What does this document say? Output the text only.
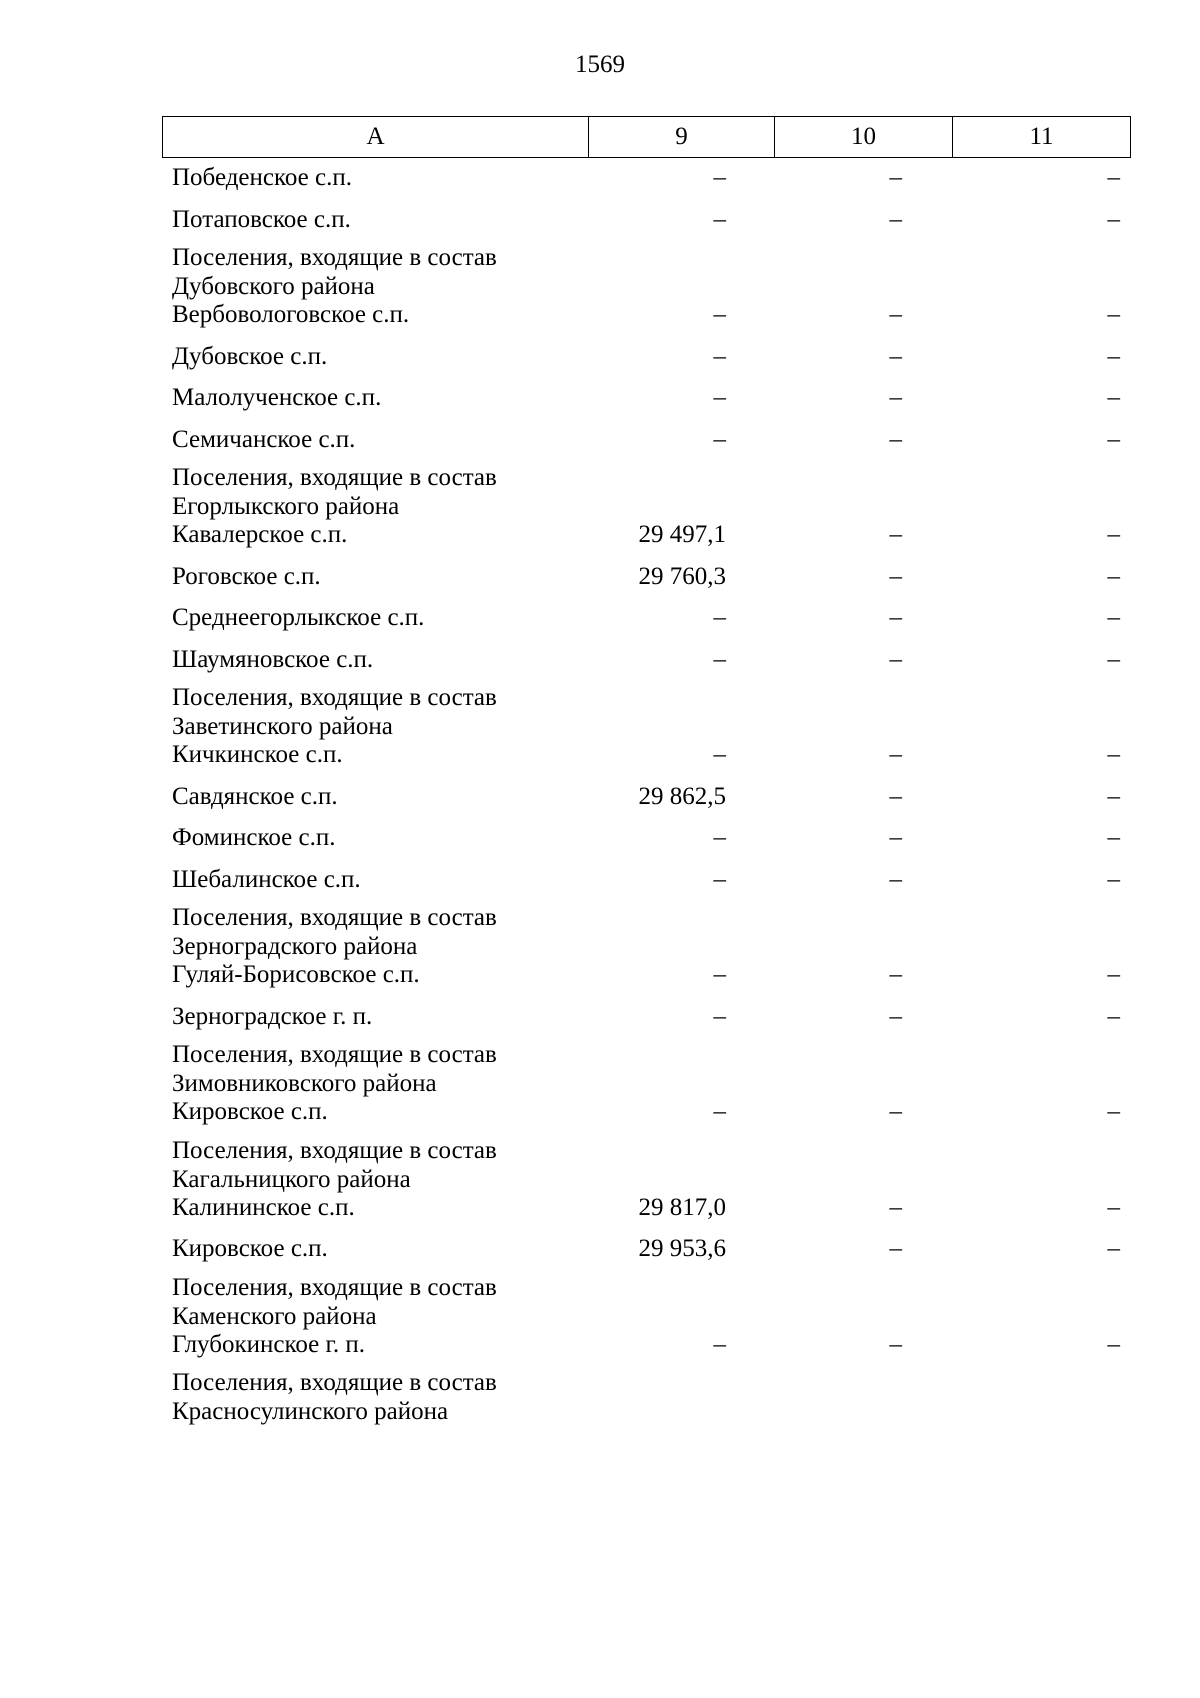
1569
А	9	10	11
Победенское с.п.	–	–	–
Потаповское с.п.	–	–	–
Поселения, входящие в состав
Дубовского района
Вербовологовское с.п.	–	–	–
Дубовское с.п.	–	–	–
Малолученское с.п.	–	–	–
Семичанское с.п.	–	–	–
Поселения, входящие в состав
Егорлыкского района
Кавалерское с.п.	29 497,1	–	–
Роговское с.п.	29 760,3	–	–
Среднеегорлыкское с.п.	–	–	–
Шаумяновское с.п.	–	–	–
Поселения, входящие в состав
Заветинского района
Кичкинское с.п.	–	–	–
Савдянское с.п.	29 862,5	–	–
Фоминское с.п.	–	–	–
Шебалинское с.п.	–	–	–
Поселения, входящие в состав
Зерноградского района
Гуляй-Борисовское с.п.	–	–	–
Зерноградское г. п.	–	–	–
Поселения, входящие в состав
Зимовниковского района
Кировское с.п.	–	–	–
Поселения, входящие в состав
Кагальницкого района
Калининское с.п.	29 817,0	–	–
Кировское с.п.	29 953,6	–	–
Поселения, входящие в состав
Каменского района
Глубокинское г. п.	–	–	–
Поселения, входящие в состав
Красносулинского района
